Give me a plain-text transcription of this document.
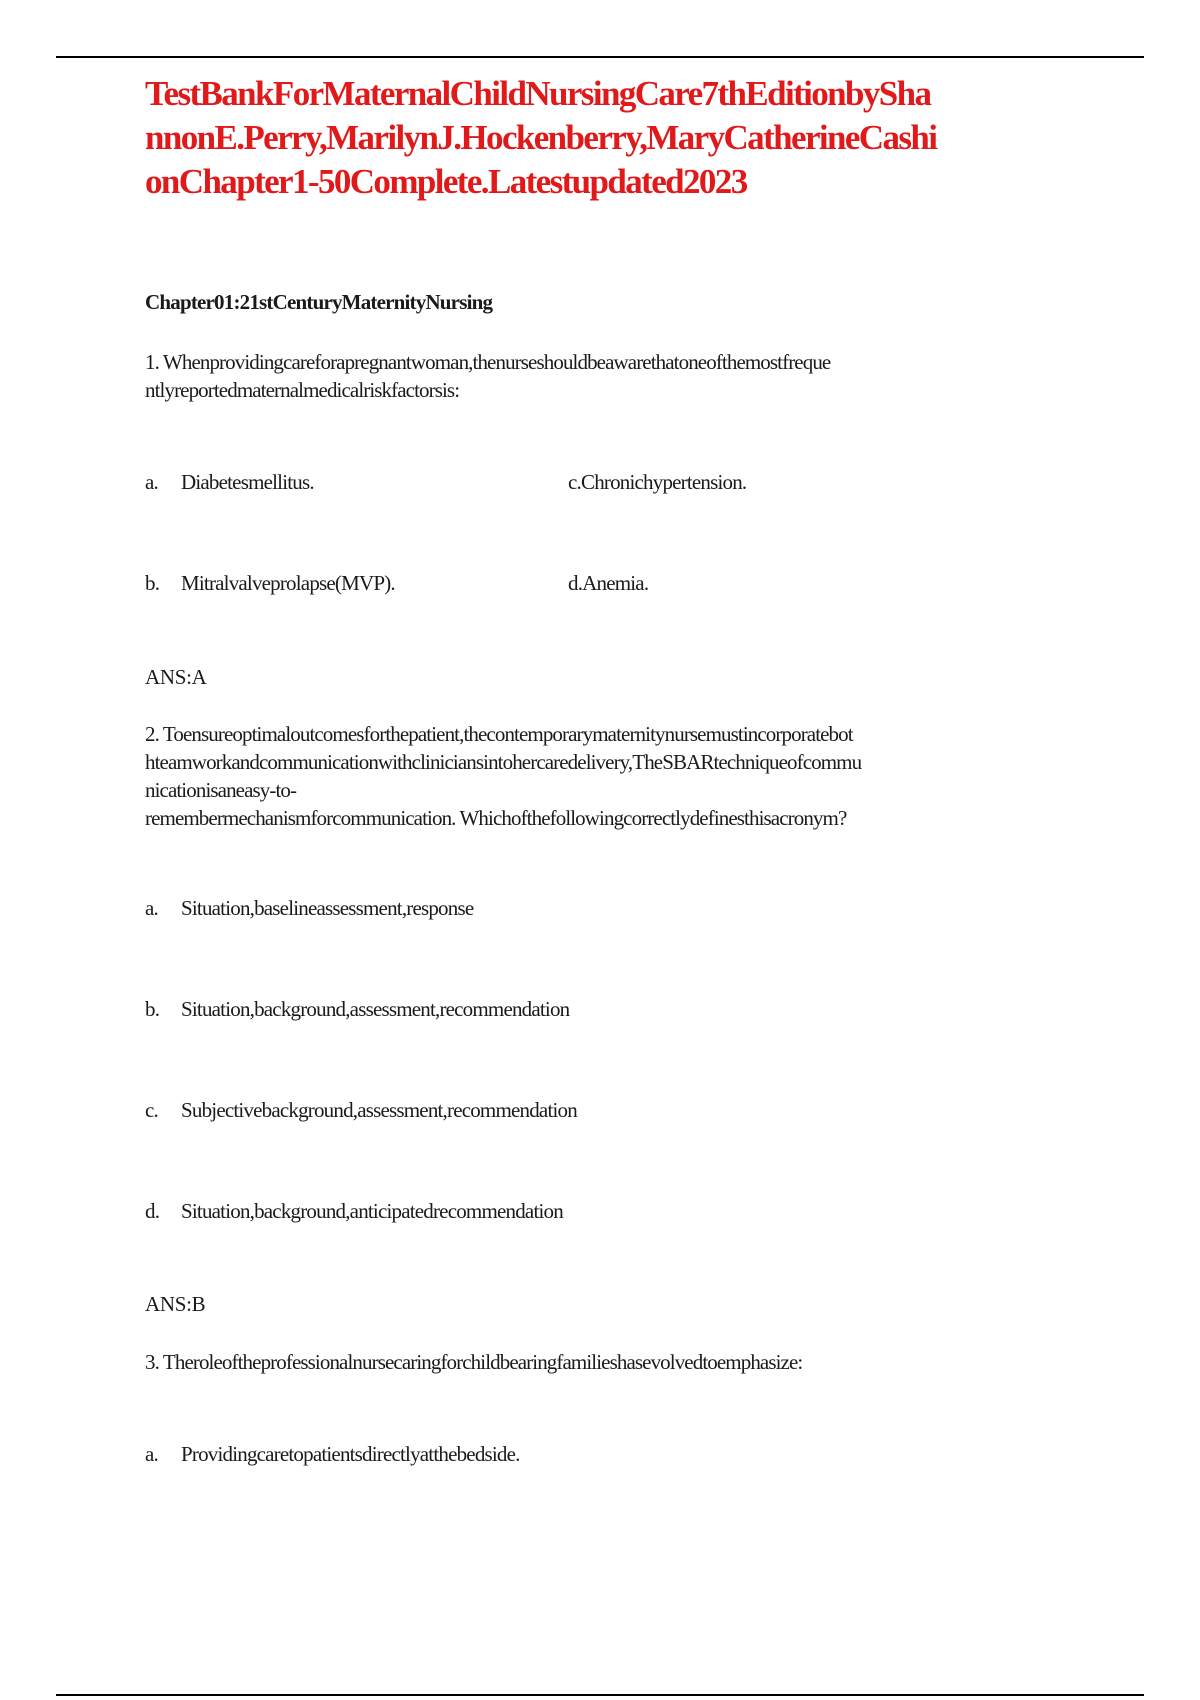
TestBankForMaternalChildNursingCare7thEditionbySha
nnonE.Perry,MarilynJ.Hockenberry,MaryCatherineCashi
onChapter1-50Complete.Latestupdated2023
Chapter01:21stCenturyMaternityNursing

1. Whenprovidingcareforapregnantwoman,thenurseshouldbeawarethatoneofthemostfreque

ntlyreportedmaternalmedicalriskfactorsis:

a. Diabetesmellitus.	c.Chronichypertension.
b. Mitralvalveprolapse(MVP).	d.Anemia.
ANS:A

2. Toensureoptimaloutcomesforthepatient,thecontemporarymaternitynursemustincorporatebot

hteamworkandcommunicationwithcliniciansintohercaredelivery,TheSBARtechniqueofcommu

nicationisaneasy-to-

remembermechanismforcommunication. Whichofthefollowingcorrectlydefinesthisacronym?

a. Situation,baselineassessment,response
b. Situation,background,assessment,recommendation
c. Subjectivebackground,assessment,recommendation
d. Situation,background,anticipatedrecommendation
ANS:B

3. Theroleoftheprofessionalnursecaringforchildbearingfamilieshasevolvedtoemphasize:

a. Providingcaretopatientsdirectlyatthebedside.
